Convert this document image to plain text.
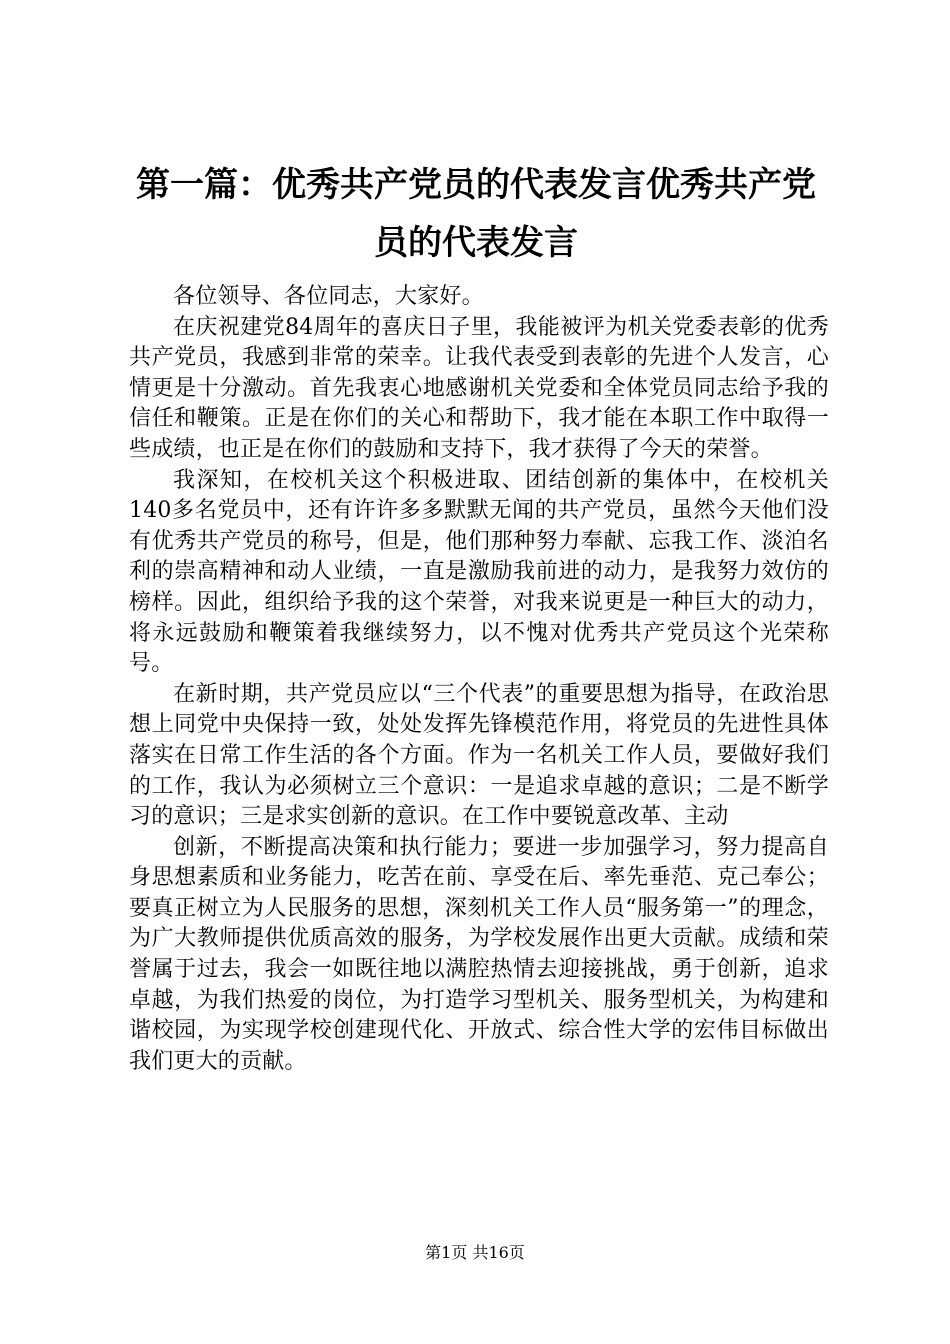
第一篇：优秀共产党员的代表发言优秀共产党
员的代表发言

各位领导、各位同志，大家好。

在庆祝建党84周年的喜庆日子里，我能被评为机关党委表彰的优秀共产党员，我感到非常的荣幸。让我代表受到表彰的先进个人发言，心情更是十分激动。首先我衷心地感谢机关党委和全体党员同志给予我的信任和鞭策。正是在你们的关心和帮助下，我才能在本职工作中取得一些成绩，也正是在你们的鼓励和支持下，我才获得了今天的荣誉。

我深知，在校机关这个积极进取、团结创新的集体中，在校机关140多名党员中，还有许许多多默默无闻的共产党员，虽然今天他们没有优秀共产党员的称号，但是，他们那种努力奉献、忘我工作、淡泊名利的崇高精神和动人业绩，一直是激励我前进的动力，是我努力效仿的榜样。因此，组织给予我的这个荣誉，对我来说更是一种巨大的动力，将永远鼓励和鞭策着我继续努力，以不愧对优秀共产党员这个光荣称号。

在新时期，共产党员应以“三个代表”的重要思想为指导，在政治思想上同党中央保持一致，处处发挥先锋模范作用，将党员的先进性具体落实在日常工作生活的各个方面。作为一名机关工作人员，要做好我们的工作，我认为必须树立三个意识：一是追求卓越的意识；二是不断学习的意识；三是求实创新的意识。在工作中要锐意改革、主动

创新，不断提高决策和执行能力；要进一步加强学习，努力提高自身思想素质和业务能力，吃苦在前、享受在后、率先垂范、克己奉公；要真正树立为人民服务的思想，深刻机关工作人员“服务第一”的理念，为广大教师提供优质高效的服务，为学校发展作出更大贡献。成绩和荣誉属于过去，我会一如既往地以满腔热情去迎接挑战，勇于创新，追求卓越，为我们热爱的岗位，为打造学习型机关、服务型机关，为构建和谐校园，为实现学校创建现代化、开放式、综合性大学的宏伟目标做出我们更大的贡献。

第1页 共16页
